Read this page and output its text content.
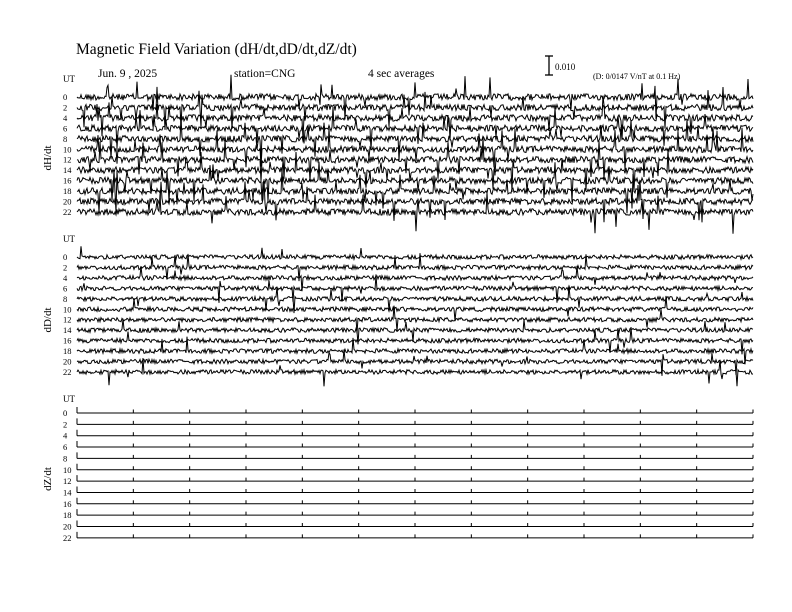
Magnetic Field Variation (dH/dt,dD/dt,dZ/dt)
Jun. 9 , 2025	station=CNG	4 sec averages
0.010
(D: 0/0147 V/nT at 0.1 Hz)
UT
dH/dt
0
2
4
6
8
10
12
14
16
18
20
22
UT
dD/dt
0
2
4
6
8
10
12
14
16
18
20
22
UT
dZ/dt
0
2
4
6
8
10
12
14
16
18
20
22
